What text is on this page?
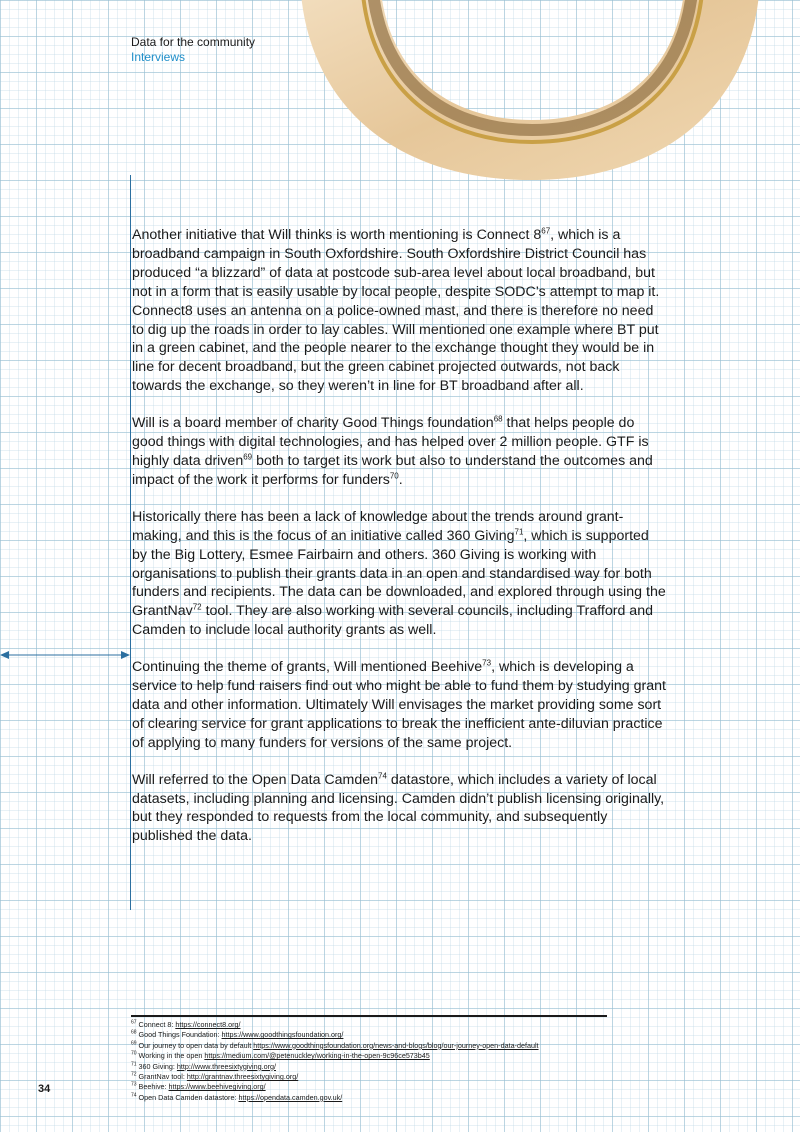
Data for the community
Interviews

Another initiative that Will thinks is worth mentioning is Connect $8^{67}$, which is a broadband campaign in South Oxfordshire. South Oxfordshire District Council has produced “a blizzard” of data at postcode sub-area level about local broadband, but not in a form that is easily usable by local people, despite SODC’s attempt to map it. Connect8 uses an antenna on a police-owned mast, and there is therefore no need to dig up the roads in order to lay cables. Will mentioned one example where BT put in a green cabinet, and the people nearer to the exchange thought they would be in line for decent broadband, but the green cabinet projected outwards, not back towards the exchange, so they weren’t in line for BT broadband after all.

Will is a board member of charity Good Things foundation$^{68}$ that helps people do good things with digital technologies, and has helped over 2 million people. GTF is highly data driven$^{69}$ both to target its work but also to understand the outcomes and impact of the work it performs for funders$^{70}$.

Historically there has been a lack of knowledge about the trends around grant-making, and this is the focus of an initiative called 360 Giving$^{71}$, which is supported by the Big Lottery, Esmee Fairbairn and others. 360 Giving is working with organisations to publish their grants data in an open and standardised way for both funders and recipients. The data can be downloaded, and explored through using the GrantNav$^{72}$ tool. They are also working with several councils, including Trafford and Camden to include local authority grants as well.

Continuing the theme of grants, Will mentioned Beehive$^{73}$, which is developing a service to help fund raisers find out who might be able to fund them by studying grant data and other information. Ultimately Will envisages the market providing some sort of clearing service for grant applications to break the inefficient ante-diluvian practice of applying to many funders for versions of the same project.

Will referred to the Open Data Camden$^{74}$ datastore, which includes a variety of local datasets, including planning and licensing. Camden didn’t publish licensing originally, but they responded to requests from the local community, and subsequently published the data.

$^{67}$ Connect 8: https://connect8.org/
$^{68}$ Good Things Foundation: https://www.goodthingsfoundation.org/
$^{69}$ Our journey to open data by default https://www.goodthingsfoundation.org/news-and-blogs/blog/our-journey-open-data-default
$^{70}$ Working in the open https://medium.com/@petenuckley/working-in-the-open-9c96ce573b45
$^{71}$ 360 Giving: http://www.threesixtygiving.org/
$^{72}$ GrantNav tool: http://grantnav.threesixtygiving.org/
$^{73}$ Beehive: https://www.beehivegiving.org/
$^{74}$ Open Data Camden datastore: https://opendata.camden.gov.uk/
34
